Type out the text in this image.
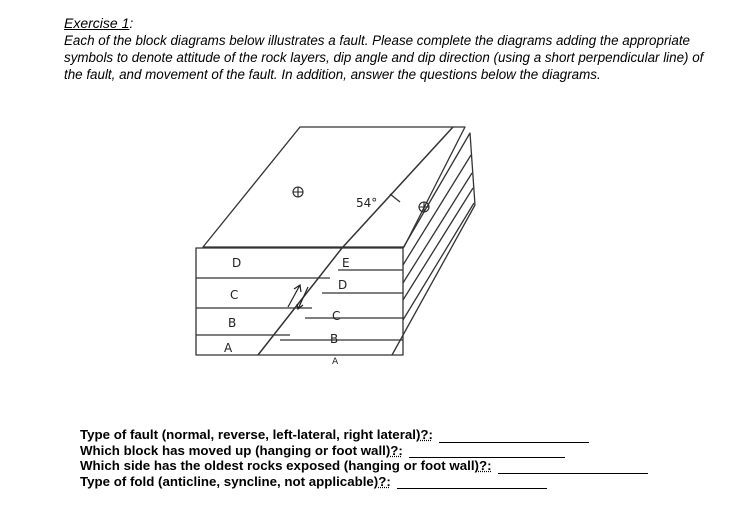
Exercise 1:
Each of the block diagrams below illustrates a fault. Please complete the diagrams adding the appropriate symbols to denote attitude of the rock layers, dip angle and dip direction (using a short perpendicular line) of the fault, and movement of the fault. In addition, answer the questions below the diagrams.
54°
D
C
B
A
E
D
C
B
A
Type of fault (normal, reverse, left-lateral, right lateral) ?:
Which block has moved up (hanging or foot wall) ?:
Which side has the oldest rocks exposed (hanging or foot wall) ?:
Type of fold (anticline, syncline, not applicable) ?:
